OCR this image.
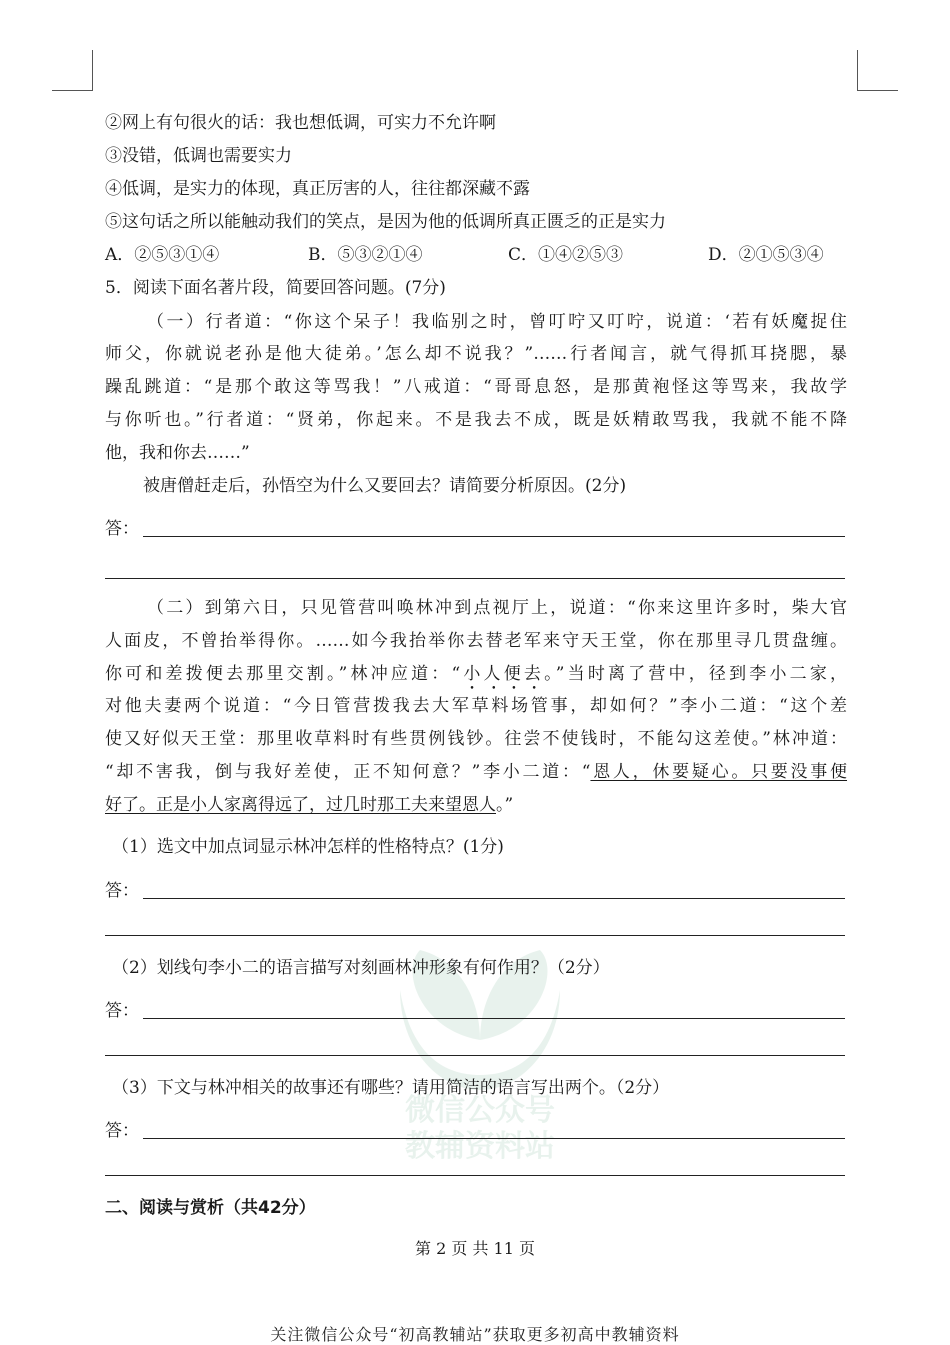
微信公众号
教辅资料站
②网上有句很火的话：我也想低调，可实力不允许啊
③没错，低调也需要实力
④低调，是实力的体现，真正厉害的人，往往都深藏不露
⑤这句话之所以能触动我们的笑点，是因为他的低调所真正匮乏的正是实力
A．②⑤③①④	B．⑤③②①④	C．①④②⑤③	D．②①⑤③④
5．阅读下面名著片段，简要回答问题。(7分)
（一）行者道：“你这个呆子！我临别之时，曾叮咛又叮咛，说道：‘若有妖魔捉住
师父，你就说老孙是他大徒弟。’怎么却不说我？”……行者闻言，就气得抓耳挠腮，暴
躁乱跳道：“是那个敢这等骂我！”八戒道：“哥哥息怒，是那黄袍怪这等骂来，我故学
与你听也。”行者道：“贤弟，你起来。不是我去不成，既是妖精敢骂我，我就不能不降
他，我和你去……”
被唐僧赶走后，孙悟空为什么又要回去？请简要分析原因。(2分)
答：
（二）到第六日，只见管营叫唤林冲到点视厅上，说道：“你来这里许多时，柴大官
人面皮，不曾抬举得你。……如今我抬举你去替老军来守天王堂，你在那里寻几贯盘缠。
你可和差拨便去那里交割。”林冲应道：“小人便去。”当时离了营中，径到李小二家，
对他夫妻两个说道：“今日管营拨我去大军草料场管事，却如何？”李小二道：“这个差
使又好似天王堂：那里收草料时有些贯例钱钞。往尝不使钱时，不能勾这差使。”林冲道：
“却不害我，倒与我好差使，正不知何意？”李小二道：“恩人，休要疑心。只要没事便
好了。正是小人家离得远了，过几时那工夫来望恩人。”
（1）选文中加点词显示林冲怎样的性格特点？(1分)
答：
（2）划线句李小二的语言描写对刻画林冲形象有何作用？（2分）
答：
（3）下文与林冲相关的故事还有哪些？请用简洁的语言写出两个。（2分）
答：
二、阅读与赏析（共42分）
第 2 页 共 11 页
关注微信公众号“初高教辅站”获取更多初高中教辅资料
